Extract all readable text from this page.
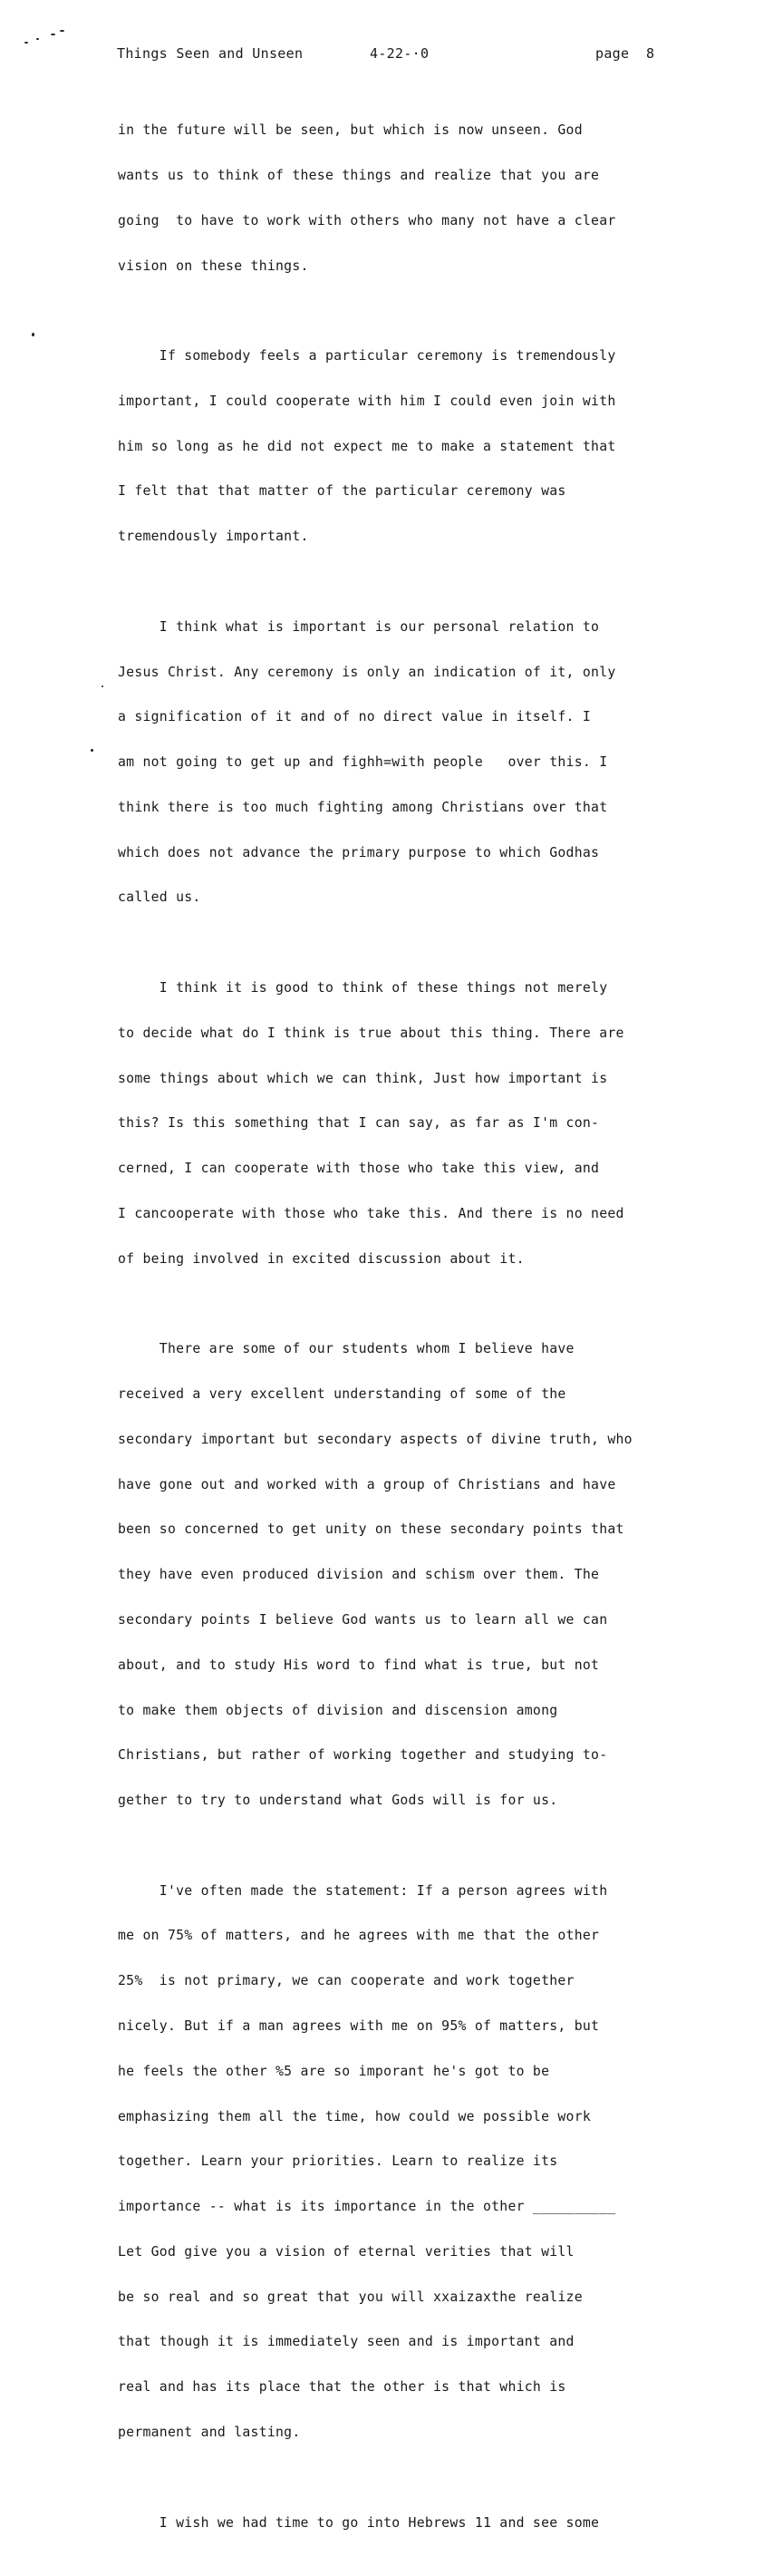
Things Seen and Unseen	4-22-·0	page  8

in the future will be seen, but which is now unseen. God

wants us to think of these things and realize that you are

going  to have to work with others who many not have a clear

vision on these things.

If somebody feels a particular ceremony is tremendously

important, I could cooperate with him I could even join with

him so long as he did not expect me to make a statement that

I felt that that matter of the particular ceremony was

tremendously important.

I think what is important is our personal relation to

Jesus Christ. Any ceremony is only an indication of it, only

a signification of it and of no direct value in itself. I

am not going to get up and fighh=with people   over this. I

think there is too much fighting among Christians over that

which does not advance the primary purpose to which Godhas

called us.

I think it is good to think of these things not merely

to decide what do I think is true about this thing. There are

some things about which we can think, Just how important is

this? Is this something that I can say, as far as I'm con-

cerned, I can cooperate with those who take this view, and

I cancooperate with those who take this. And there is no need

of being involved in excited discussion about it.

There are some of our students whom I believe have

received a very excellent understanding of some of the

secondary important but secondary aspects of divine truth, who

have gone out and worked with a group of Christians and have

been so concerned to get unity on these secondary points that

they have even produced division and schism over them. The

secondary points I believe God wants us to learn all we can

about, and to study His word to find what is true, but not

to make them objects of division and discension among

Christians, but rather of working together and studying to-

gether to try to understand what Gods will is for us.

I've often made the statement: If a person agrees with

me on 75% of matters, and he agrees with me that the other

25%  is not primary, we can cooperate and work together

nicely. But if a man agrees with me on 95% of matters, but

he feels the other %5 are so imporant he's got to be

emphasizing them all the time, how could we possible work

together. Learn your priorities. Learn to realize its

importance -- what is its importance in the other __________

Let God give you a vision of eternal verities that will

be so real and so great that you will xxaizaxthe realize

that though it is immediately seen and is important and

real and has its place that the other is that which is

permanent and lasting.

I wish we had time to go into Hebrews 11 and see some
